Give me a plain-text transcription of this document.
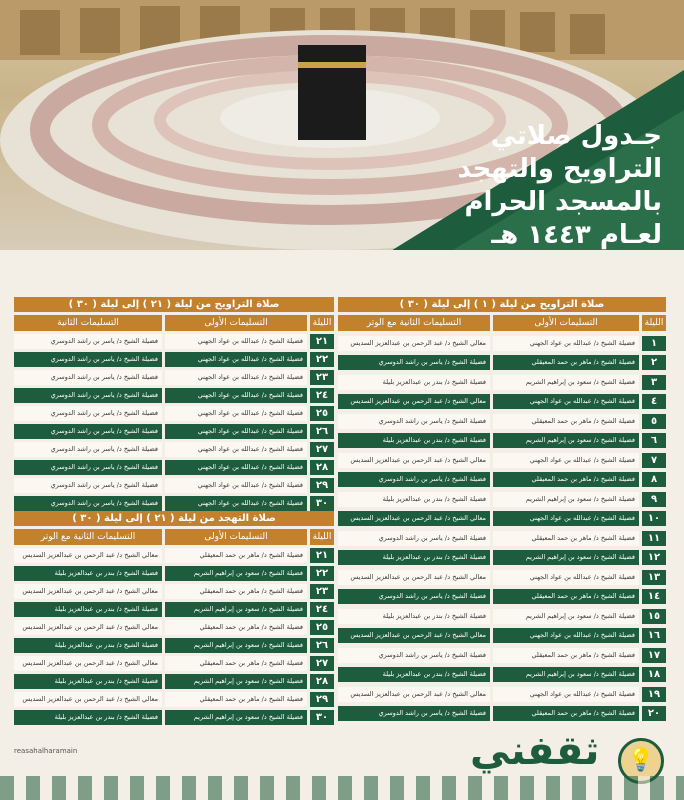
جـدول صلاتي
التراويح والتهجد
بالمسجد الحرام
لعـام ١٤٤٣ هـ
صلاة التراويح من ليلة ( ١ ) إلى ليلة ( ٣٠ )
الليلة
التسليمات الأولى
التسليمات الثانية مع الوتر
١
فضيلة الشيخ د/ عبدالله بن عواد الجهني
معالي الشيخ د/ عبد الرحمن بن عبدالعزيز السديس
٢
فضيلة الشيخ د/ ماهر بن حمد المعيقلي
فضيلة الشيخ د/ ياسر بن راشد الدوسري
٣
فضيلة الشيخ د/ سعود بن إبراهيم الشريم
فضيلة الشيخ د/ بندر بن عبدالعزيز بليلة
٤
فضيلة الشيخ د/ عبدالله بن عواد الجهني
معالي الشيخ د/ عبد الرحمن بن عبدالعزيز السديس
٥
فضيلة الشيخ د/ ماهر بن حمد المعيقلي
فضيلة الشيخ د/ ياسر بن راشد الدوسري
٦
فضيلة الشيخ د/ سعود بن إبراهيم الشريم
فضيلة الشيخ د/ بندر بن عبدالعزيز بليلة
٧
فضيلة الشيخ د/ عبدالله بن عواد الجهني
معالي الشيخ د/ عبد الرحمن بن عبدالعزيز السديس
٨
فضيلة الشيخ د/ ماهر بن حمد المعيقلي
فضيلة الشيخ د/ ياسر بن راشد الدوسري
٩
فضيلة الشيخ د/ سعود بن إبراهيم الشريم
فضيلة الشيخ د/ بندر بن عبدالعزيز بليلة
١٠
فضيلة الشيخ د/ عبدالله بن عواد الجهني
معالي الشيخ د/ عبد الرحمن بن عبدالعزيز السديس
١١
فضيلة الشيخ د/ ماهر بن حمد المعيقلي
فضيلة الشيخ د/ ياسر بن راشد الدوسري
١٢
فضيلة الشيخ د/ سعود بن إبراهيم الشريم
فضيلة الشيخ د/ بندر بن عبدالعزيز بليلة
١٣
فضيلة الشيخ د/ عبدالله بن عواد الجهني
معالي الشيخ د/ عبد الرحمن بن عبدالعزيز السديس
١٤
فضيلة الشيخ د/ ماهر بن حمد المعيقلي
فضيلة الشيخ د/ ياسر بن راشد الدوسري
١٥
فضيلة الشيخ د/ سعود بن إبراهيم الشريم
فضيلة الشيخ د/ بندر بن عبدالعزيز بليلة
١٦
فضيلة الشيخ د/ عبدالله بن عواد الجهني
معالي الشيخ د/ عبد الرحمن بن عبدالعزيز السديس
١٧
فضيلة الشيخ د/ ماهر بن حمد المعيقلي
فضيلة الشيخ د/ ياسر بن راشد الدوسري
١٨
فضيلة الشيخ د/ سعود بن إبراهيم الشريم
فضيلة الشيخ د/ بندر بن عبدالعزيز بليلة
١٩
فضيلة الشيخ د/ عبدالله بن عواد الجهني
معالي الشيخ د/ عبد الرحمن بن عبدالعزيز السديس
٢٠
فضيلة الشيخ د/ ماهر بن حمد المعيقلي
فضيلة الشيخ د/ ياسر بن راشد الدوسري
صلاة التراويح من ليلة ( ٢١ ) إلى ليلة ( ٣٠ )
الليلة
التسليمات الأولى
التسليمات الثانية
٢١
فضيلة الشيخ د/ عبدالله بن عواد الجهني
فضيلة الشيخ د/ ياسر بن راشد الدوسري
٢٢
فضيلة الشيخ د/ عبدالله بن عواد الجهني
فضيلة الشيخ د/ ياسر بن راشد الدوسري
٢٣
فضيلة الشيخ د/ عبدالله بن عواد الجهني
فضيلة الشيخ د/ ياسر بن راشد الدوسري
٢٤
فضيلة الشيخ د/ عبدالله بن عواد الجهني
فضيلة الشيخ د/ ياسر بن راشد الدوسري
٢٥
فضيلة الشيخ د/ عبدالله بن عواد الجهني
فضيلة الشيخ د/ ياسر بن راشد الدوسري
٢٦
فضيلة الشيخ د/ عبدالله بن عواد الجهني
فضيلة الشيخ د/ ياسر بن راشد الدوسري
٢٧
فضيلة الشيخ د/ عبدالله بن عواد الجهني
فضيلة الشيخ د/ ياسر بن راشد الدوسري
٢٨
فضيلة الشيخ د/ عبدالله بن عواد الجهني
فضيلة الشيخ د/ ياسر بن راشد الدوسري
٢٩
فضيلة الشيخ د/ عبدالله بن عواد الجهني
فضيلة الشيخ د/ ياسر بن راشد الدوسري
٣٠
فضيلة الشيخ د/ عبدالله بن عواد الجهني
فضيلة الشيخ د/ ياسر بن راشد الدوسري
صلاة التهجد من ليلة ( ٢١ ) إلى ليلة ( ٣٠ )
الليلة
التسليمات الأولى
التسليمات الثانية مع الوتر
٢١
فضيلة الشيخ د/ ماهر بن حمد المعيقلي
معالي الشيخ د/ عبد الرحمن بن عبدالعزيز السديس
٢٢
فضيلة الشيخ د/ سعود بن إبراهيم الشريم
فضيلة الشيخ د/ بندر بن عبدالعزيز بليلة
٢٣
فضيلة الشيخ د/ ماهر بن حمد المعيقلي
معالي الشيخ د/ عبد الرحمن بن عبدالعزيز السديس
٢٤
فضيلة الشيخ د/ سعود بن إبراهيم الشريم
فضيلة الشيخ د/ بندر بن عبدالعزيز بليلة
٢٥
فضيلة الشيخ د/ ماهر بن حمد المعيقلي
معالي الشيخ د/ عبد الرحمن بن عبدالعزيز السديس
٢٦
فضيلة الشيخ د/ سعود بن إبراهيم الشريم
فضيلة الشيخ د/ بندر بن عبدالعزيز بليلة
٢٧
فضيلة الشيخ د/ ماهر بن حمد المعيقلي
معالي الشيخ د/ عبد الرحمن بن عبدالعزيز السديس
٢٨
فضيلة الشيخ د/ سعود بن إبراهيم الشريم
فضيلة الشيخ د/ بندر بن عبدالعزيز بليلة
٢٩
فضيلة الشيخ د/ ماهر بن حمد المعيقلي
معالي الشيخ د/ عبد الرحمن بن عبدالعزيز السديس
٣٠
فضيلة الشيخ د/ سعود بن إبراهيم الشريم
فضيلة الشيخ د/ بندر بن عبدالعزيز بليلة
reasahalharamain	ثقفني	💡
